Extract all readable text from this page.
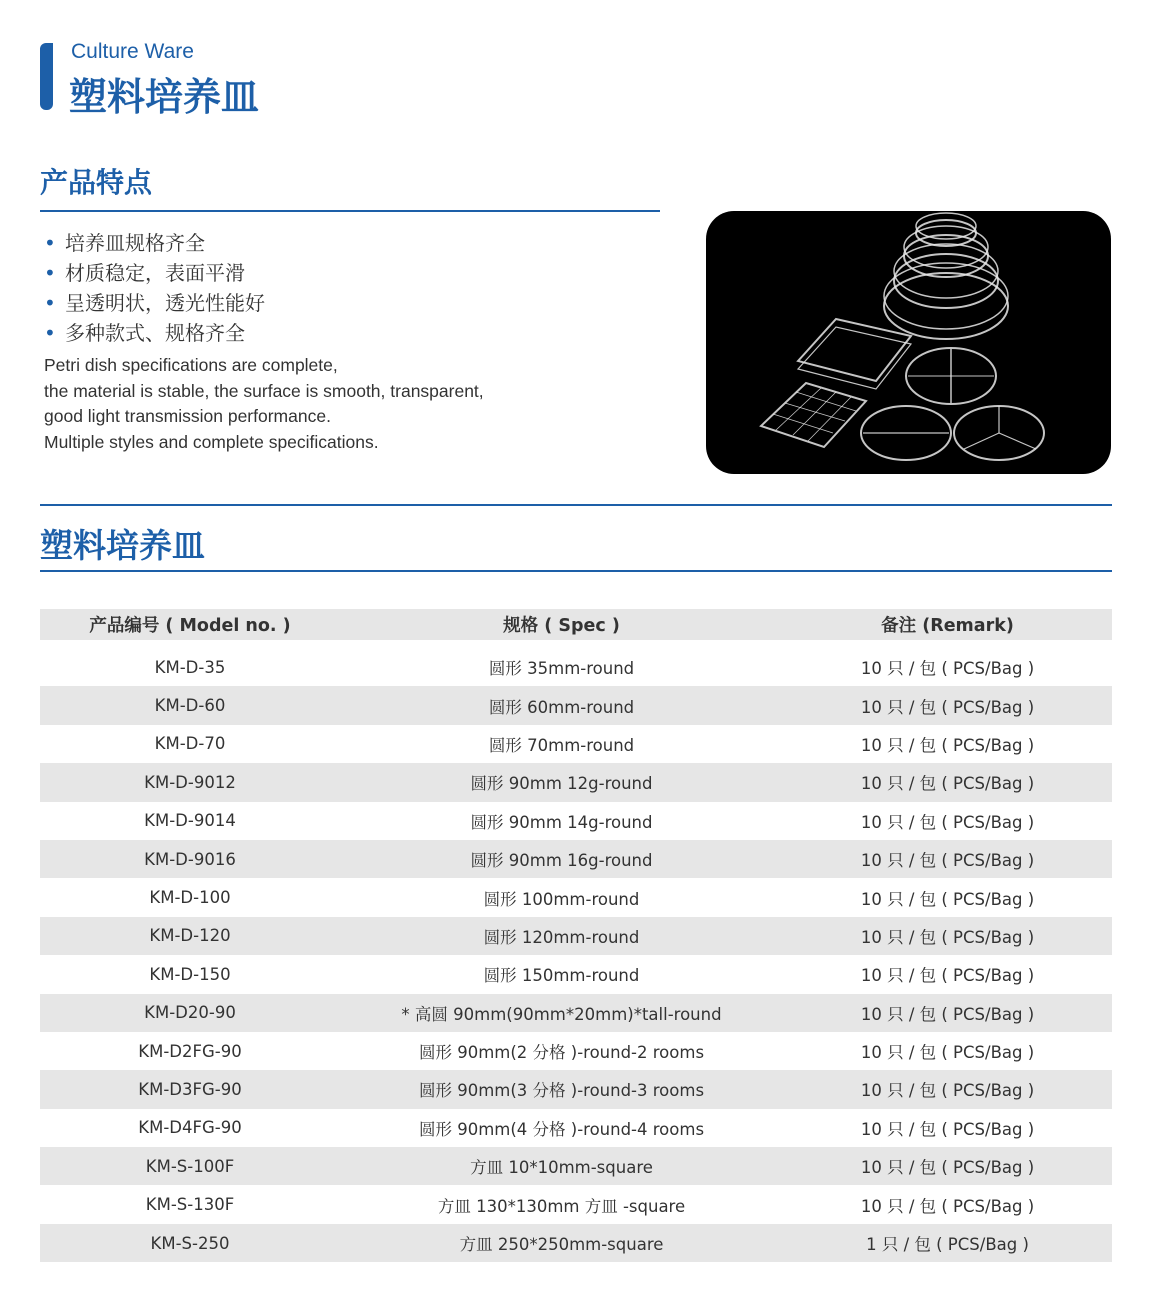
Culture Ware
塑料培养皿
产品特点
• 培养皿规格齐全
• 材质稳定，表面平滑
• 呈透明状，透光性能好
• 多种款式、规格齐全

Petri dish specifications are complete,

the material is stable, the surface is smooth, transparent,

good light transmission performance.

Multiple styles and complete specifications.

塑料培养皿
产品编号 ( Model no. )	规格 ( Spec )	备注 (Remark)
KM-D-35	圆形 35mm-round	10 只 / 包 ( PCS/Bag )
KM-D-60	圆形 60mm-round	10 只 / 包 ( PCS/Bag )
KM-D-70	圆形 70mm-round	10 只 / 包 ( PCS/Bag )
KM-D-9012	圆形 90mm 12g-round	10 只 / 包 ( PCS/Bag )
KM-D-9014	圆形 90mm 14g-round	10 只 / 包 ( PCS/Bag )
KM-D-9016	圆形 90mm 16g-round	10 只 / 包 ( PCS/Bag )
KM-D-100	圆形 100mm-round	10 只 / 包 ( PCS/Bag )
KM-D-120	圆形 120mm-round	10 只 / 包 ( PCS/Bag )
KM-D-150	圆形 150mm-round	10 只 / 包 ( PCS/Bag )
KM-D20-90	* 高圆 90mm(90mm*20mm)*tall-round	10 只 / 包 ( PCS/Bag )
KM-D2FG-90	圆形 90mm(2 分格 )-round-2 rooms	10 只 / 包 ( PCS/Bag )
KM-D3FG-90	圆形 90mm(3 分格 )-round-3 rooms	10 只 / 包 ( PCS/Bag )
KM-D4FG-90	圆形 90mm(4 分格 )-round-4 rooms	10 只 / 包 ( PCS/Bag )
KM-S-100F	方皿 10*10mm-square	10 只 / 包 ( PCS/Bag )
KM-S-130F	方皿 130*130mm 方皿 -square	10 只 / 包 ( PCS/Bag )
KM-S-250	方皿 250*250mm-square	1 只 / 包 ( PCS/Bag )
